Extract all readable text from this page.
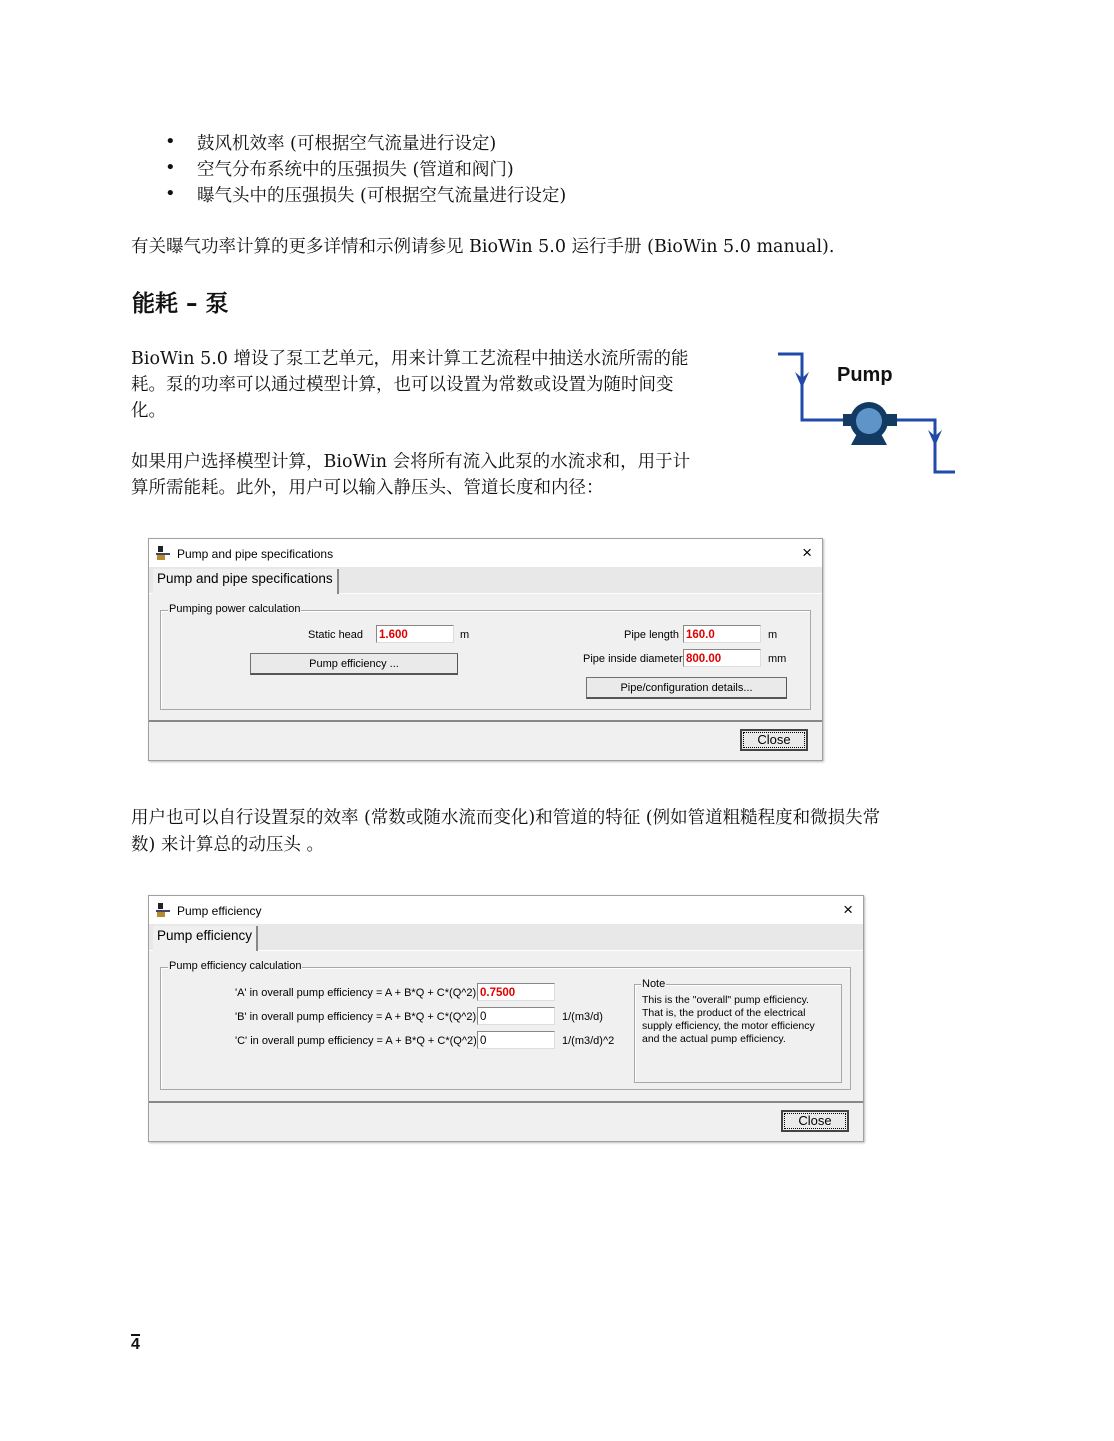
• 鼓风机效率 (可根据空气流量进行设定)
• 空气分布系统中的压强损失 (管道和阀门)
• 曝气头中的压强损失 (可根据空气流量进行设定)
有关曝气功率计算的更多详情和示例请参见 BioWin 5.0 运行手册 (BioWin 5.0 manual).
能耗 – 泵
BioWin 5.0 增设了泵工艺单元，用来计算工艺流程中抽送水流所需的能
耗。泵的功率可以通过模型计算，也可以设置为常数或设置为随时间变
化。
如果用户选择模型计算，BioWin 会将所有流入此泵的水流求和，用于计
算所需能耗。此外，用户可以输入静压头、管道长度和内径：
Pump
Pump and pipe specifications	×
Pump and pipe specifications
Pumping power calculation
Static head 1.600	m
Pump efficiency ...
Pipe length 160.0	m
Pipe inside diameter 800.00	mm
Pipe/configuration details...
Close
用户也可以自行设置泵的效率 (常数或随水流而变化)和管道的特征 (例如管道粗糙程度和微损失常
数) 来计算总的动压头 。
Pump efficiency	×
Pump efficiency
Pump efficiency calculation
'A' in overall pump efficiency = A + B*Q + C*(Q^2) 0.7500
'B' in overall pump efficiency = A + B*Q + C*(Q^2) 0	1/(m3/d)
'C' in overall pump efficiency = A + B*Q + C*(Q^2) 0	1/(m3/d)^2
Note
This is the "overall" pump efficiency.
That is, the product of the electrical
supply efficiency, the motor efficiency
and the actual pump efficiency.
Close
4
